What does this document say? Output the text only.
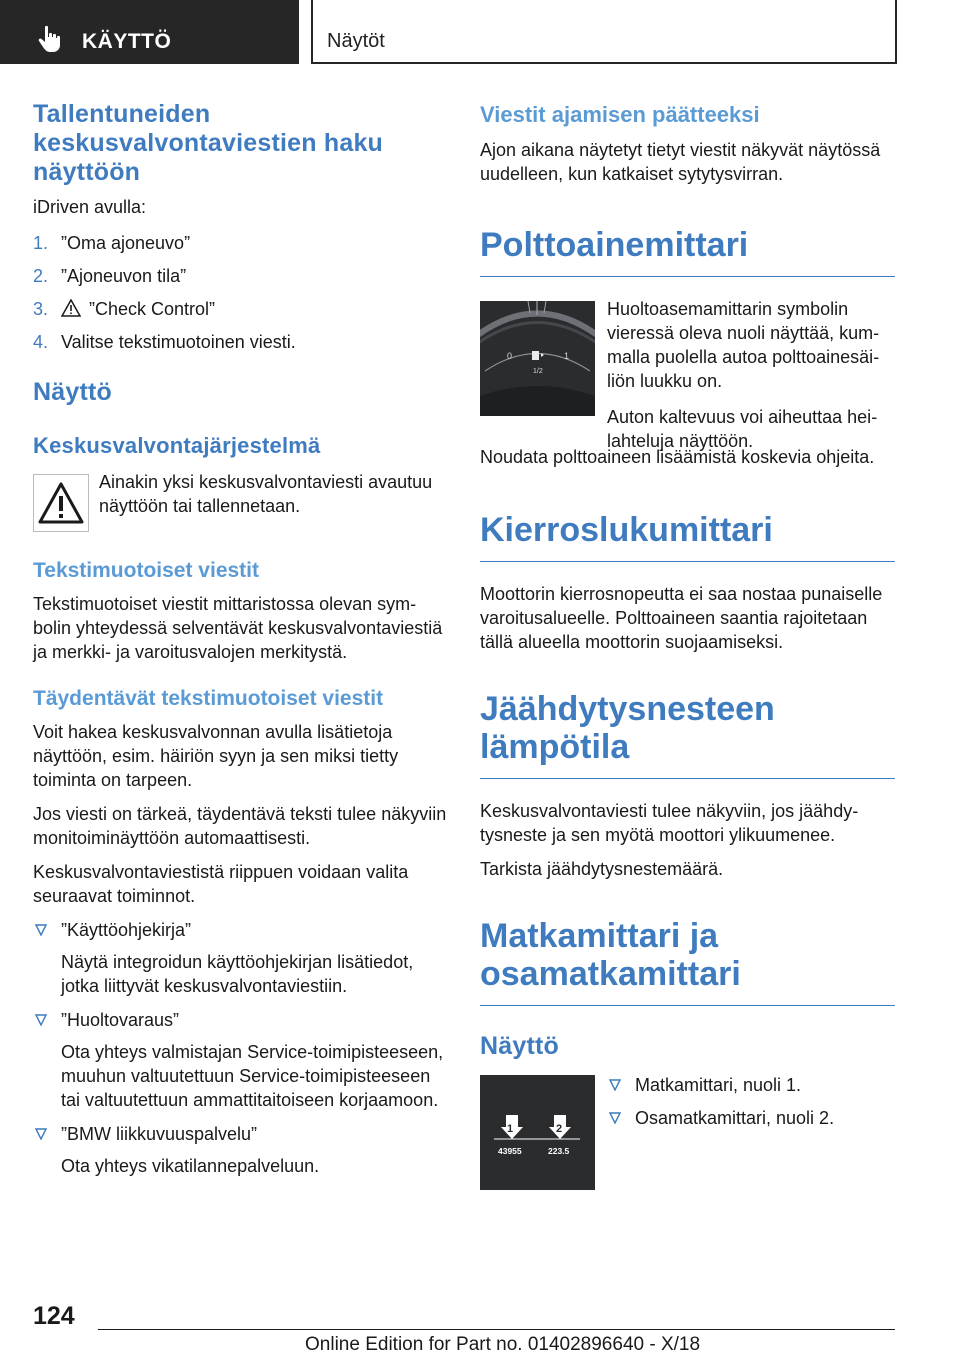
KÄYTTÖ	Näytöt
Tallentuneiden keskusvalvontaviestien haku näyttöön

iDriven avulla:

1. ”Oma ajoneuvo”
2. ”Ajoneuvon tila”
3. ”Check Control”
4. Valitse tekstimuotoinen viesti.
Näyttö
Keskusvalvontajärjestelmä

Ainakin yksi keskusvalvontaviesti avautuu näyttöön tai tallennetaan.

Tekstimuotoiset viestit

Tekstimuotoiset viestit mittaristossa olevan symbolin yhteydessä selventävät keskusvalvontaviestiä ja merkki- ja varoitusvalojen merkitystä.

Täydentävät tekstimuotoiset viestit

Voit hakea keskusvalvonnan avulla lisätietoja näyttöön, esim. häiriön syyn ja sen miksi tietty toiminta on tarpeen.

Jos viesti on tärkeä, täydentävä teksti tulee näkyviin monitoiminäyttöön automaattisesti.

Keskusvalvontaviestistä riippuen voidaan valita seuraavat toiminnot.

”Käyttöohjekirja”
Näytä integroidun käyttöohjekirjan lisätiedot, jotka liittyvät keskusvalvontaviestiin.
”Huoltovaraus”
Ota yhteys valmistajan Service-toimipisteeseen, muuhun valtuutettuun Service-toimipisteeseen tai valtuutettuun ammattitaitoiseen korjaamoon.
”BMW liikkuvuuspalvelu”
Ota yhteys vikatilannepalveluun.
Viestit ajamisen päätteeksi

Ajon aikana näytetyt tietyt viestit näkyvät näytössä uudelleen, kun katkaiset sytytysvirran.

Polttoainemittari
0	1
1/2

Huoltoasemamittarin symbolin vieressä oleva nuoli näyttää, kummalla puolella autoa polttoainesäiliön luukku on.

Auton kaltevuus voi aiheuttaa heilahteluja näyttöön.

Noudata polttoaineen lisäämistä koskevia ohjeita.

Kierroslukumittari

Moottorin kierrosnopeutta ei saa nostaa punaiselle varoitusalueelle. Polttoaineen saantia rajoitetaan tällä alueella moottorin suojaamiseksi.

Jäähdytysnesteen lämpötila

Keskusvalvontaviesti tulee näkyviin, jos jäähdytysneste ja sen myötä moottori ylikuumenee.

Tarkista jäähdytysnestemäärä.

Matkamittari ja osamatkamittari
Näyttö
1	2
43955	223.5
Matkamittari, nuoli 1.
Osamatkamittari, nuoli 2.
124
Online Edition for Part no. 01402896640 - X/18
